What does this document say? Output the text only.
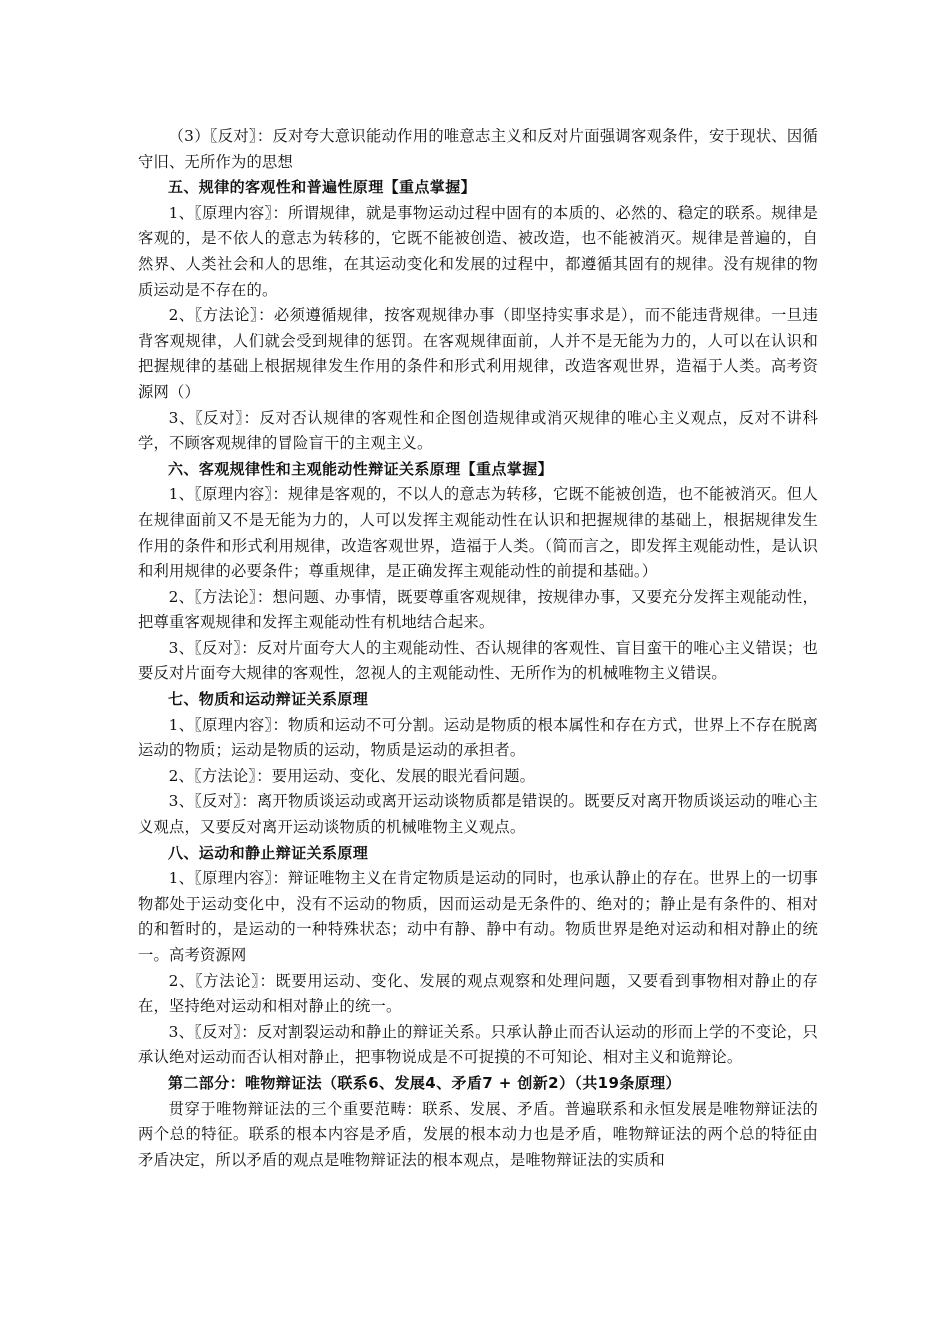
（3）〖反对〗：反对夸大意识能动作用的唯意志主义和反对片面强调客观条件，安于现状、因循守旧、无所作为的思想

五、规律的客观性和普遍性原理【重点掌握】

1、〖原理内容〗：所谓规律，就是事物运动过程中固有的本质的、必然的、稳定的联系。规律是客观的，是不依人的意志为转移的，它既不能被创造、被改造，也不能被消灭。规律是普遍的，自然界、人类社会和人的思维，在其运动变化和发展的过程中，都遵循其固有的规律。没有规律的物质运动是不存在的。

2、〖方法论〗：必须遵循规律，按客观规律办事（即坚持实事求是），而不能违背规律。一旦违背客观规律，人们就会受到规律的惩罚。在客观规律面前，人并不是无能为力的，人可以在认识和把握规律的基础上根据规律发生作用的条件和形式利用规律，改造客观世界，造福于人类。高考资源网（）

3、〖反对〗：反对否认规律的客观性和企图创造规律或消灭规律的唯心主义观点，反对不讲科学，不顾客观规律的冒险盲干的主观主义。

六、客观规律性和主观能动性辩证关系原理【重点掌握】

1、〖原理内容〗：规律是客观的，不以人的意志为转移，它既不能被创造，也不能被消灭。但人在规律面前又不是无能为力的，人可以发挥主观能动性在认识和把握规律的基础上，根据规律发生作用的条件和形式利用规律，改造客观世界，造福于人类。（简而言之，即发挥主观能动性，是认识和利用规律的必要条件；尊重规律，是正确发挥主观能动性的前提和基础。）

2、〖方法论〗：想问题、办事情，既要尊重客观规律，按规律办事，又要充分发挥主观能动性，把尊重客观规律和发挥主观能动性有机地结合起来。

3、〖反对〗：反对片面夸大人的主观能动性、否认规律的客观性、盲目蛮干的唯心主义错误；也要反对片面夸大规律的客观性，忽视人的主观能动性、无所作为的机械唯物主义错误。

七、物质和运动辩证关系原理

1、〖原理内容〗：物质和运动不可分割。运动是物质的根本属性和存在方式，世界上不存在脱离运动的物质；运动是物质的运动，物质是运动的承担者。

2、〖方法论〗：要用运动、变化、发展的眼光看问题。

3、〖反对〗：离开物质谈运动或离开运动谈物质都是错误的。既要反对离开物质谈运动的唯心主义观点，又要反对离开运动谈物质的机械唯物主义观点。

八、运动和静止辩证关系原理

1、〖原理内容〗：辩证唯物主义在肯定物质是运动的同时，也承认静止的存在。世界上的一切事物都处于运动变化中，没有不运动的物质，因而运动是无条件的、绝对的；静止是有条件的、相对的和暂时的，是运动的一种特殊状态；动中有静、静中有动。物质世界是绝对运动和相对静止的统一。高考资源网

2、〖方法论〗：既要用运动、变化、发展的观点观察和处理问题，又要看到事物相对静止的存在，坚持绝对运动和相对静止的统一。

3、〖反对〗：反对割裂运动和静止的辩证关系。只承认静止而否认运动的形而上学的不变论，只承认绝对运动而否认相对静止，把事物说成是不可捉摸的不可知论、相对主义和诡辩论。

第二部分：唯物辩证法（联系6、发展4、矛盾7 + 创新2）（共19条原理）

贯穿于唯物辩证法的三个重要范畴：联系、发展、矛盾。普遍联系和永恒发展是唯物辩证法的两个总的特征。联系的根本内容是矛盾，发展的根本动力也是矛盾，唯物辩证法的两个总的特征由矛盾决定，所以矛盾的观点是唯物辩证法的根本观点，是唯物辩证法的实质和
